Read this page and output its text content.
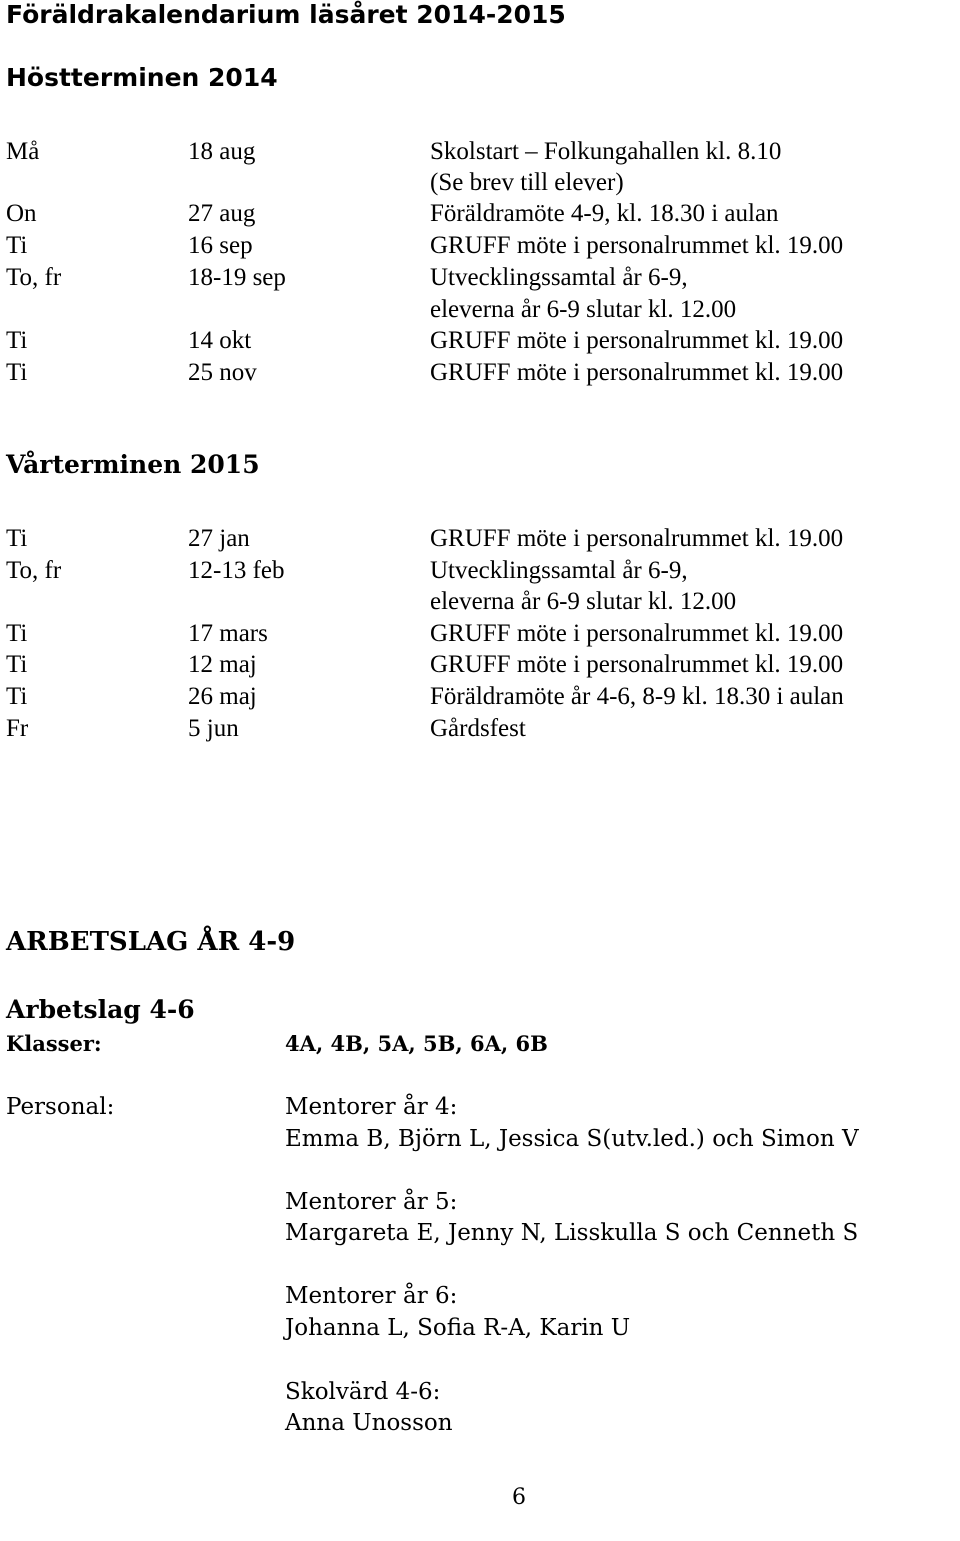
Föräldrakalendarium läsåret 2014-2015
Höstterminen 2014
Må	18 aug	Skolstart – Folkungahallen kl. 8.10
(Se brev till elever)
On	27 aug	Föräldramöte 4-9, kl. 18.30 i aulan
Ti	16 sep	GRUFF möte i personalrummet kl. 19.00
To, fr	18-19 sep	Utvecklingssamtal år 6-9,
eleverna år 6-9 slutar kl. 12.00
Ti	14 okt	GRUFF möte i personalrummet kl. 19.00
Ti	25 nov	GRUFF möte i personalrummet kl. 19.00
Vårterminen 2015
Ti	27 jan	GRUFF möte i personalrummet kl. 19.00
To, fr	12-13 feb	Utvecklingssamtal år 6-9,
eleverna år 6-9 slutar kl. 12.00
Ti	17 mars	GRUFF möte i personalrummet kl. 19.00
Ti	12 maj	GRUFF möte i personalrummet kl. 19.00
Ti	26 maj	Föräldramöte år 4-6, 8-9 kl. 18.30 i aulan
Fr	5 jun	Gårdsfest
ARBETSLAG ÅR 4-9
Arbetslag 4-6
Klasser:	4A, 4B, 5A, 5B, 6A, 6B
Personal:	Mentorer år 4:
Emma B, Björn L, Jessica S(utv.led.) och Simon V
Mentorer år 5:
Margareta E, Jenny N, Lisskulla S och Cenneth S
Mentorer år 6:
Johanna L, Sofia R-A, Karin U
Skolvärd 4-6:
Anna Unosson
6
